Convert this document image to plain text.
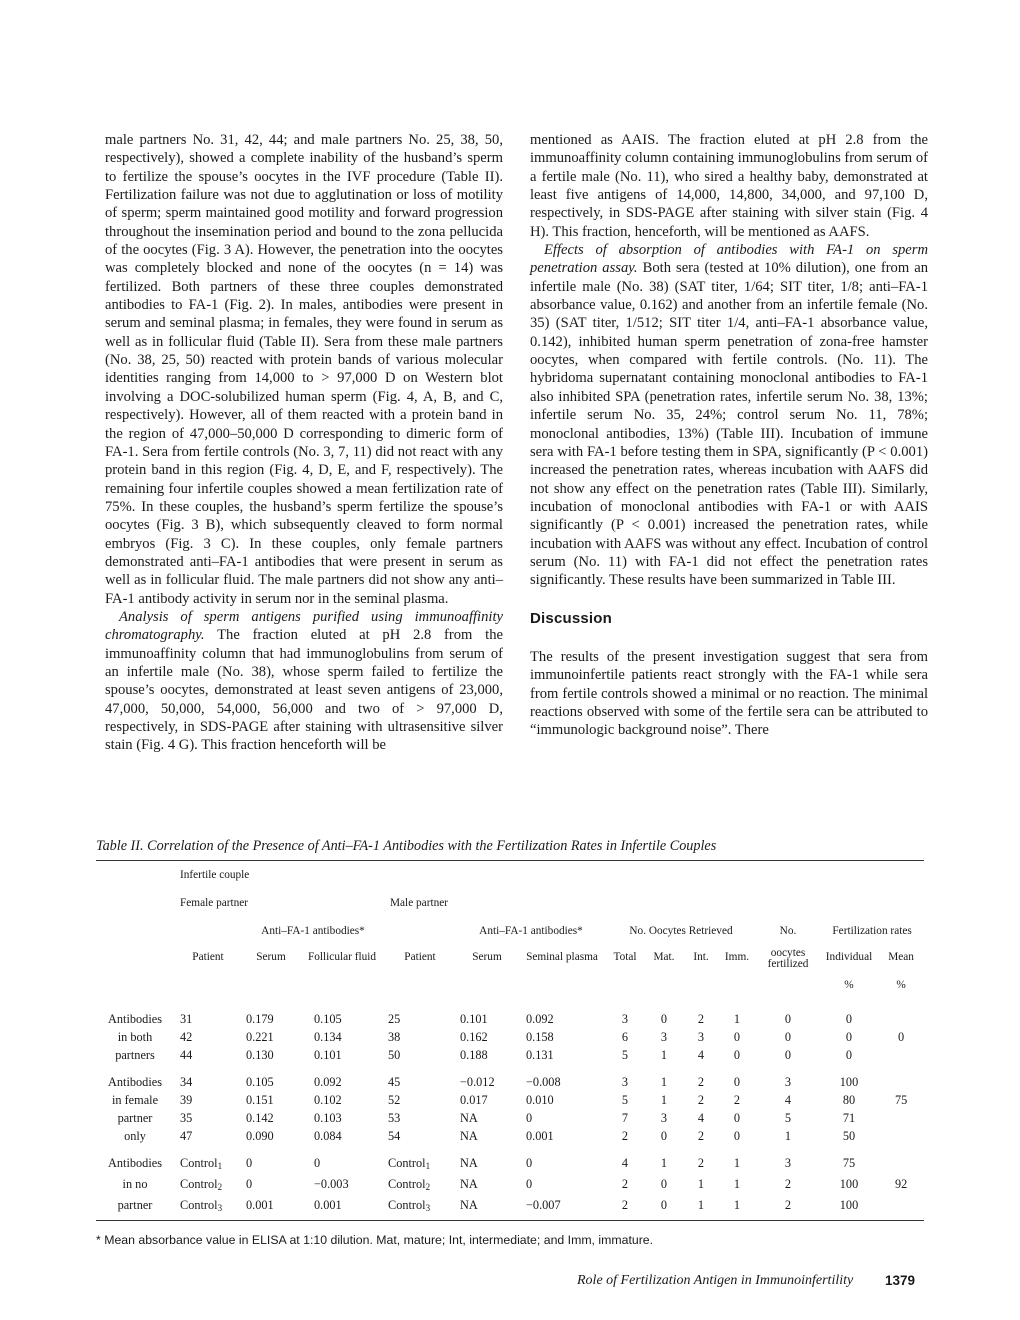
male partners No. 31, 42, 44; and male partners No. 25, 38, 50, respectively), showed a complete inability of the husband’s sperm to fertilize the spouse’s oocytes in the IVF procedure (Table II). Fertilization failure was not due to agglutination or loss of motility of sperm; sperm maintained good motility and forward progression throughout the insemination period and bound to the zona pellucida of the oocytes (Fig. 3 A). However, the penetration into the oocytes was completely blocked and none of the oocytes (n = 14) was fertilized. Both partners of these three couples demonstrated antibodies to FA-1 (Fig. 2). In males, antibodies were present in serum and seminal plasma; in females, they were found in serum as well as in follicular fluid (Table II). Sera from these male partners (No. 38, 25, 50) reacted with protein bands of various molecular identities ranging from 14,000 to > 97,000 D on Western blot involving a DOC-solubilized human sperm (Fig. 4, A, B, and C, respectively). However, all of them reacted with a protein band in the region of 47,000–50,000 D corresponding to dimeric form of FA-1. Sera from fertile controls (No. 3, 7, 11) did not react with any protein band in this region (Fig. 4, D, E, and F, respectively). The remaining four infertile couples showed a mean fertilization rate of 75%. In these couples, the husband’s sperm fertilize the spouse’s oocytes (Fig. 3 B), which subsequently cleaved to form normal embryos (Fig. 3 C). In these couples, only female partners demonstrated anti–FA-1 antibodies that were present in serum as well as in follicular fluid. The male partners did not show any anti–FA-1 antibody activity in serum nor in the seminal plasma.

Analysis of sperm antigens purified using immunoaffinity chromatography. The fraction eluted at pH 2.8 from the immunoaffinity column that had immunoglobulins from serum of an infertile male (No. 38), whose sperm failed to fertilize the spouse’s oocytes, demonstrated at least seven antigens of 23,000, 47,000, 50,000, 54,000, 56,000 and two of > 97,000 D, respectively, in SDS-PAGE after staining with ultrasensitive silver stain (Fig. 4 G). This fraction henceforth will be

mentioned as AAIS. The fraction eluted at pH 2.8 from the immunoaffinity column containing immunoglobulins from serum of a fertile male (No. 11), who sired a healthy baby, demonstrated at least five antigens of 14,000, 14,800, 34,000, and 97,100 D, respectively, in SDS-PAGE after staining with silver stain (Fig. 4 H). This fraction, henceforth, will be mentioned as AAFS.

Effects of absorption of antibodies with FA-1 on sperm penetration assay. Both sera (tested at 10% dilution), one from an infertile male (No. 38) (SAT titer, 1/64; SIT titer, 1/8; anti–FA-1 absorbance value, 0.162) and another from an infertile female (No. 35) (SAT titer, 1/512; SIT titer 1/4, anti–FA-1 absorbance value, 0.142), inhibited human sperm penetration of zona-free hamster oocytes, when compared with fertile controls. (No. 11). The hybridoma supernatant containing monoclonal antibodies to FA-1 also inhibited SPA (penetration rates, infertile serum No. 38, 13%; infertile serum No. 35, 24%; control serum No. 11, 78%; monoclonal antibodies, 13%) (Table III). Incubation of immune sera with FA-1 before testing them in SPA, significantly (P < 0.001) increased the penetration rates, whereas incubation with AAFS did not show any effect on the penetration rates (Table III). Similarly, incubation of monoclonal antibodies with FA-1 or with AAIS significantly (P < 0.001) increased the penetration rates, while incubation with AAFS was without any effect. Incubation of control serum (No. 11) with FA-1 did not effect the penetration rates significantly. These results have been summarized in Table III.

Discussion

The results of the present investigation suggest that sera from immunoinfertile patients react strongly with the FA-1 while sera from fertile controls showed a minimal or no reaction. The minimal reactions observed with some of the fertile sera can be attributed to “immunologic background noise”. There

Table II. Correlation of the Presence of Anti–FA-1 Antibodies with the Fertilization Rates in Infertile Couples
	Infertile couple												
	Female partner			Male partner									
		Anti–FA-1 antibodies*			Anti–FA-1 antibodies*		No. Oocytes Retrieved				No.	Fertilization rates	
	Patient	Serum	Follicular fluid	Patient	Serum	Seminal plasma	Total	Mat.	Int.	Imm.	oocytes fertilized	Individual	Mean
												%	%
Antibodies	31	0.179	0.105	25	0.101	0.092	3	0	2	1	0	0	
in both	42	0.221	0.134	38	0.162	0.158	6	3	3	0	0	0	0
partners	44	0.130	0.101	50	0.188	0.131	5	1	4	0	0	0	

Antibodies	34	0.105	0.092	45	−0.012	−0.008	3	1	2	0	3	100	
in female	39	0.151	0.102	52	0.017	0.010	5	1	2	2	4	80	75
partner	35	0.142	0.103	53	NA	0	7	3	4	0	5	71	
only	47	0.090	0.084	54	NA	0.001	2	0	2	0	1	50	

Antibodies	Control$_1$	0	0	Control$_1$	NA	0	4	1	2	1	3	75	
in no	Control$_2$	0	−0.003	Control$_2$	NA	0	2	0	1	1	2	100	92
partner	Control$_3$	0.001	0.001	Control$_3$	NA	−0.007	2	0	1	1	2	100	
* Mean absorbance value in ELISA at 1:10 dilution. Mat, mature; Int, intermediate; and Imm, immature.
Role of Fertilization Antigen in Immunoinfertility 1379
